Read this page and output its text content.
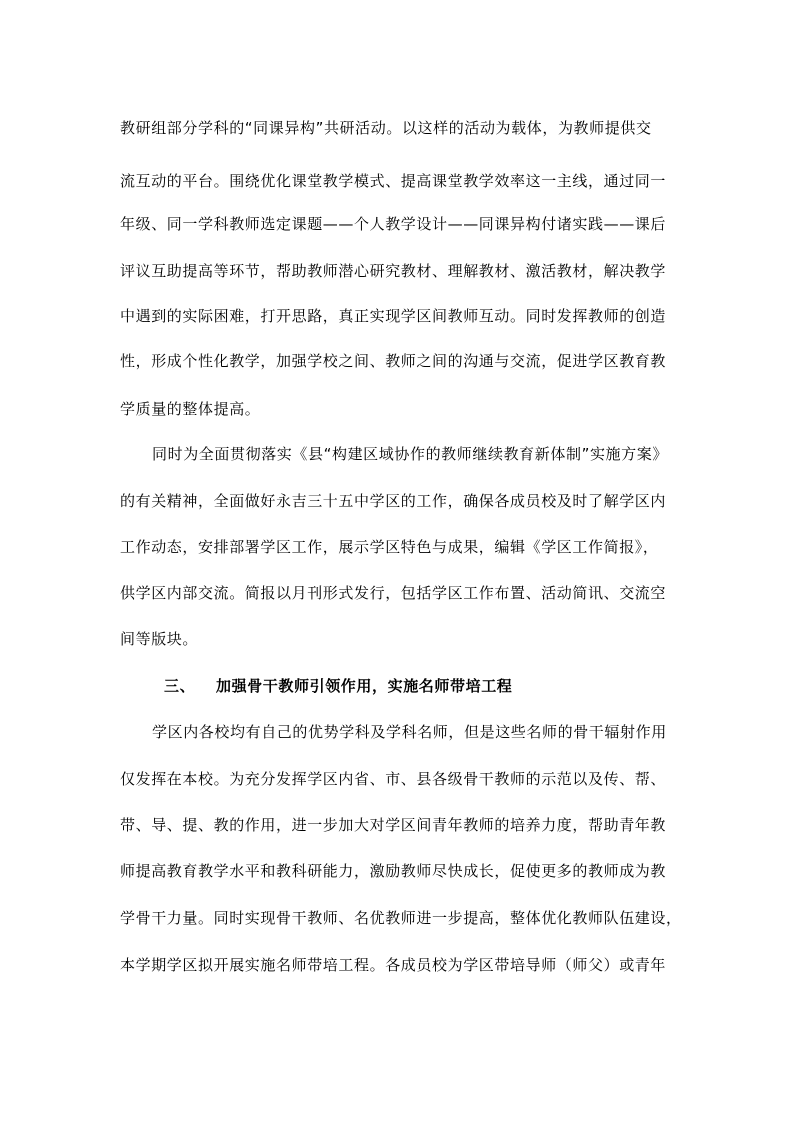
教研组部分学科的“同课异构”共研活动。以这样的活动为载体，为教师提供交
流互动的平台。围绕优化课堂教学模式、提高课堂教学效率这一主线，通过同一
年级、同一学科教师选定课题——个人教学设计——同课异构付诸实践——课后
评议互助提高等环节，帮助教师潜心研究教材、理解教材、激活教材，解决教学
中遇到的实际困难，打开思路，真正实现学区间教师互动。同时发挥教师的创造
性，形成个性化教学，加强学校之间、教师之间的沟通与交流，促进学区教育教
学质量的整体提高。
同时为全面贯彻落实《县“构建区域协作的教师继续教育新体制”实施方案》
的有关精神，全面做好永吉三十五中学区的工作，确保各成员校及时了解学区内
工作动态，安排部署学区工作，展示学区特色与成果，编辑《学区工作简报》，
供学区内部交流。简报以月刊形式发行，包括学区工作布置、活动简讯、交流空
间等版块。
三、 加强骨干教师引领作用，实施名师带培工程
学区内各校均有自己的优势学科及学科名师，但是这些名师的骨干辐射作用
仅发挥在本校。为充分发挥学区内省、市、县各级骨干教师的示范以及传、帮、
带、导、提、教的作用，进一步加大对学区间青年教师的培养力度，帮助青年教
师提高教育教学水平和教科研能力，激励教师尽快成长，促使更多的教师成为教
学骨干力量。同时实现骨干教师、名优教师进一步提高，整体优化教师队伍建设，
本学期学区拟开展实施名师带培工程。各成员校为学区带培导师（师父）或青年
